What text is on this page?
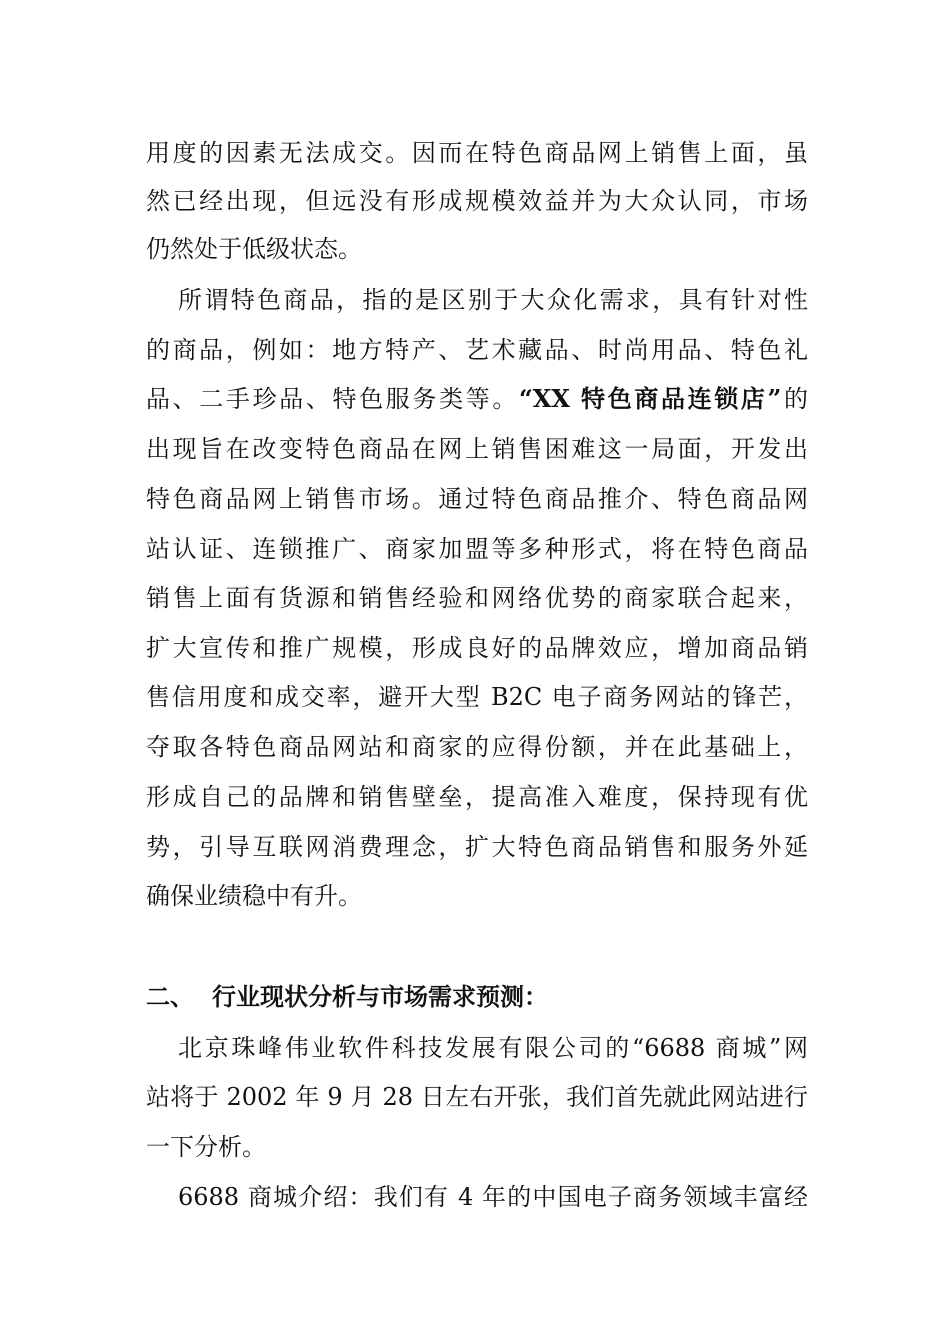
用度的因素无法成交。因而在特色商品网上销售上面，虽
然已经出现，但远没有形成规模效益并为大众认同，市场
仍然处于低级状态。
所谓特色商品，指的是区别于大众化需求，具有针对性
的商品，例如：地方特产、艺术藏品、时尚用品、特色礼
品、二手珍品、特色服务类等。“XX 特色商品连锁店”的
出现旨在改变特色商品在网上销售困难这一局面，开发出
特色商品网上销售市场。通过特色商品推介、特色商品网
站认证、连锁推广、商家加盟等多种形式，将在特色商品
销售上面有货源和销售经验和网络优势的商家联合起来，
扩大宣传和推广规模，形成良好的品牌效应，增加商品销
售信用度和成交率，避开大型 B2C 电子商务网站的锋芒，
夺取各特色商品网站和商家的应得份额，并在此基础上，
形成自己的品牌和销售壁垒，提高准入难度，保持现有优
势，引导互联网消费理念，扩大特色商品销售和服务外延
确保业绩稳中有升。
二、 行业现状分析与市场需求预测：
北京珠峰伟业软件科技发展有限公司的“6688 商城”网
站将于 2002 年 9 月 28 日左右开张，我们首先就此网站进行
一下分析。
6688 商城介绍：我们有 4 年的中国电子商务领域丰富经
